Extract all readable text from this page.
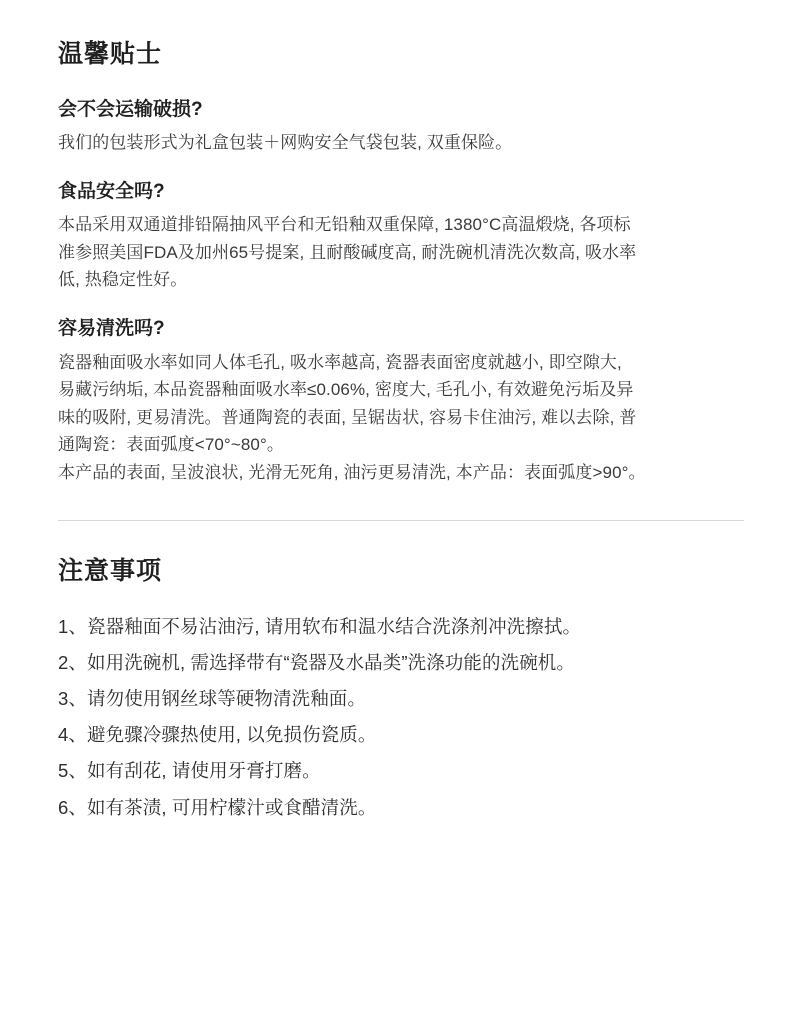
温馨贴士
会不会运输破损?

我们的包装形式为礼盒包装＋网购安全气袋包装, 双重保险。

食品安全吗?

本品采用双通道排铅隔抽风平台和无铅釉双重保障, 1380°C高温煅烧, 各项标
准参照美国FDA及加州65号提案, 且耐酸碱度高, 耐洗碗机清洗次数高, 吸水率
低, 热稳定性好。

容易清洗吗?

瓷器釉面吸水率如同人体毛孔, 吸水率越高, 瓷器表面密度就越小, 即空隙大,
易藏污纳垢, 本品瓷器釉面吸水率≤0.06%, 密度大, 毛孔小, 有效避免污垢及异
味的吸附, 更易清洗。普通陶瓷的表面, 呈锯齿状, 容易卡住油污, 难以去除, 普
通陶瓷：表面弧度<70°~80°。
本产品的表面, 呈波浪状, 光滑无死角, 油污更易清洗, 本产品：表面弧度>90°。

注意事项
1、瓷器釉面不易沾油污, 请用软布和温水结合洗涤剂冲洗擦拭。
2、如用洗碗机, 需选择带有“瓷器及水晶类”洗涤功能的洗碗机。
3、请勿使用钢丝球等硬物清洗釉面。
4、避免骤冷骤热使用, 以免损伤瓷质。
5、如有刮花, 请使用牙膏打磨。
6、如有茶渍, 可用柠檬汁或食醋清洗。
